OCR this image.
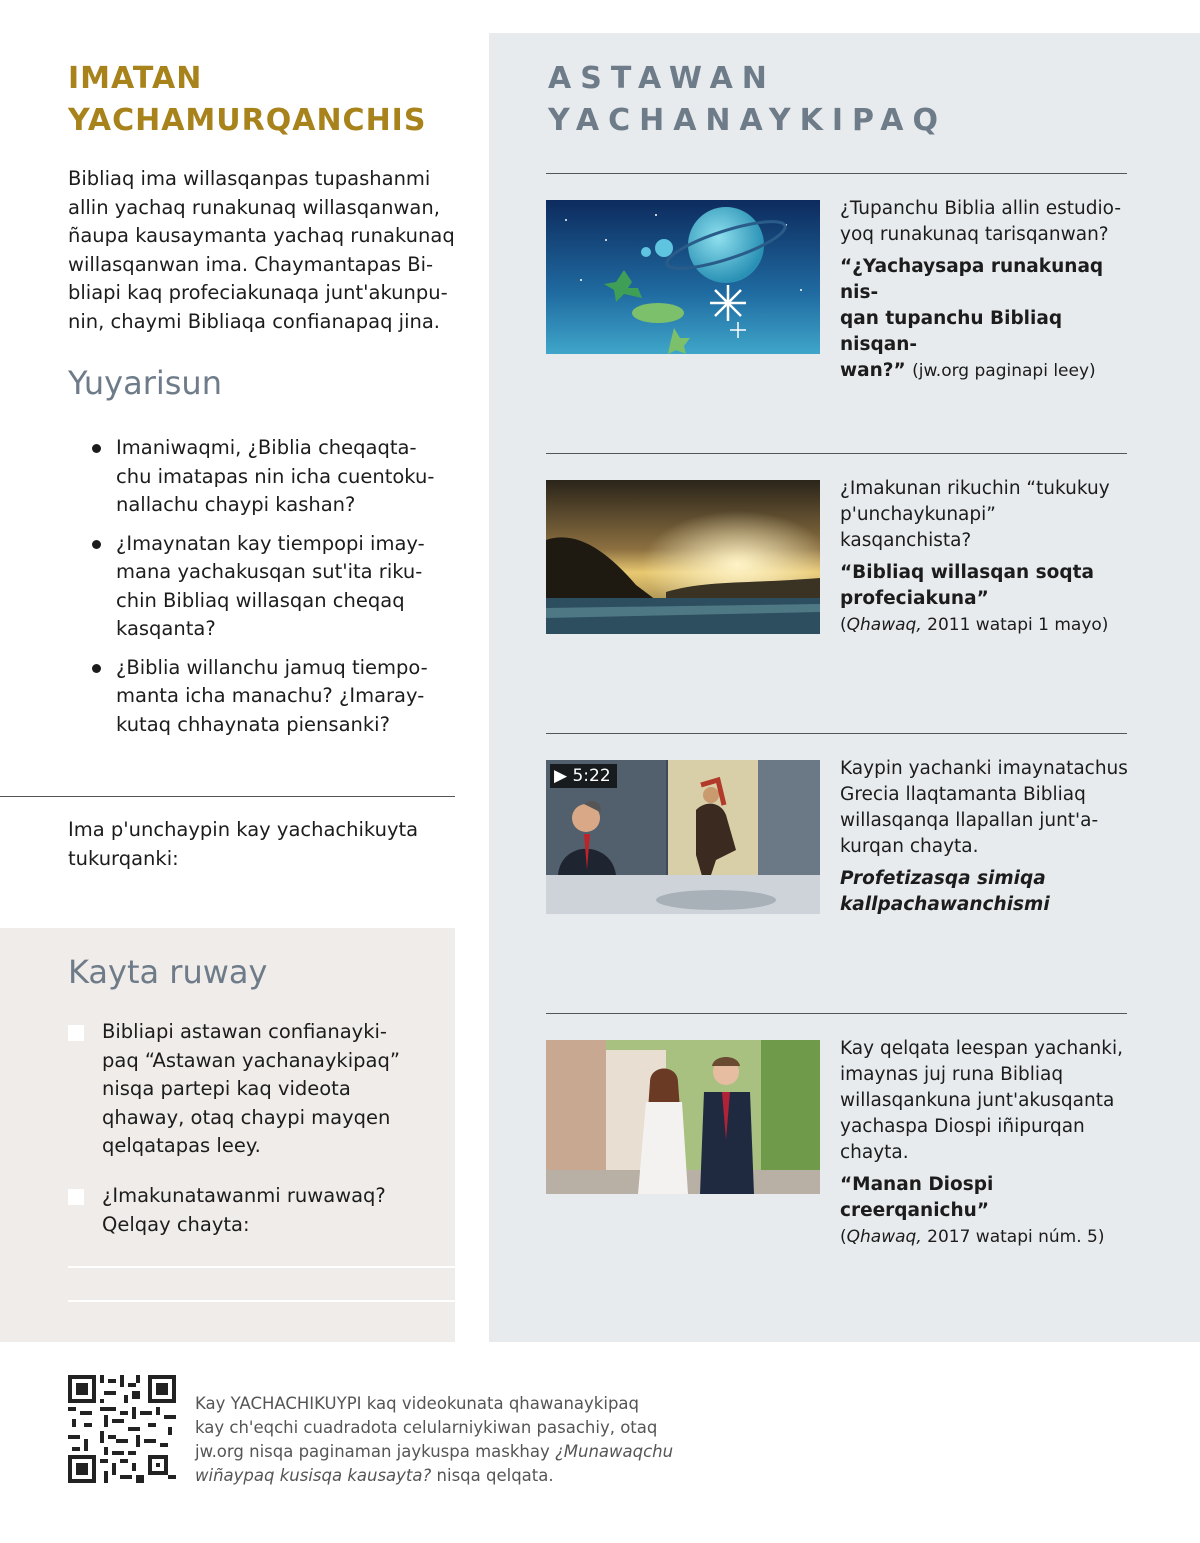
IMATAN
YACHAMURQANCHIS
Bibliaq ima willasqanpas tupashanmi
allin yachaq runakunaq willasqanwan,
ñaupa kausaymanta yachaq runakunaq
willasqanwan ima. Chaymantapas Bi-
bliapi kaq profeciakunaqa junt'akunpu-
nin, chaymi Bibliaqa confianapaq jina.
Yuyarisun
Imaniwaqmi, ¿Biblia cheqaqta-
chu imatapas nin icha cuentoku-
nallachu chaypi kashan?
¿Imaynatan kay tiempopi imay-
mana yachakusqan sut'ita riku-
chin Bibliaq willasqan cheqaq
kasqanta?
¿Biblia willanchu jamuq tiempo-
manta icha manachu? ¿Imaray-
kutaq chhaynata piensanki?
Ima p'unchaypin kay yachachikuyta
tukurqanki:
Kayta ruway
Bibliapi astawan confianayki-
paq “Astawan yachanaykipaq”
nisqa partepi kaq videota
qhaway, otaq chaypi mayqen
qelqatapas leey.
¿Imakunatawanmi ruwawaq?
Qelqay chayta:
ASTAWAN
YACHANAYKIPAQ
¿Tupanchu Biblia allin estudio-
yoq runakunaq tarisqanwan?
“¿Yachaysapa runakunaq nis-
qan tupanchu Bibliaq nisqan-
wan?” (jw.org paginapi leey)
¿Imakunan rikuchin “tukukuy
p'unchaykunapi” kasqanchista?
“Bibliaq willasqan soqta
profeciakuna”
(Qhawaq, 2011 watapi 1 mayo)
▶ 5:22	Kaypin yachanki imaynatachus
Grecia llaqtamanta Bibliaq
willasqanqa llapallan junt'a-
kurqan chayta.
Profetizasqa simiqa
kallpachawanchismi
Kay qelqata leespan yachanki,
imaynas juj runa Bibliaq
willasqankuna junt'akusqanta
yachaspa Diospi iñipurqan
chayta.
“Manan Diospi creerqanichu”
(Qhawaq, 2017 watapi núm. 5)
Kay YACHACHIKUYPI kaq videokunata qhawanaykipaq
kay ch'eqchi cuadradota celularniykiwan pasachiy, otaq
jw.org nisqa paginaman jaykuspa maskhay ¿Munawaqchu
wiñaypaq kusisqa kausayta? nisqa qelqata.
